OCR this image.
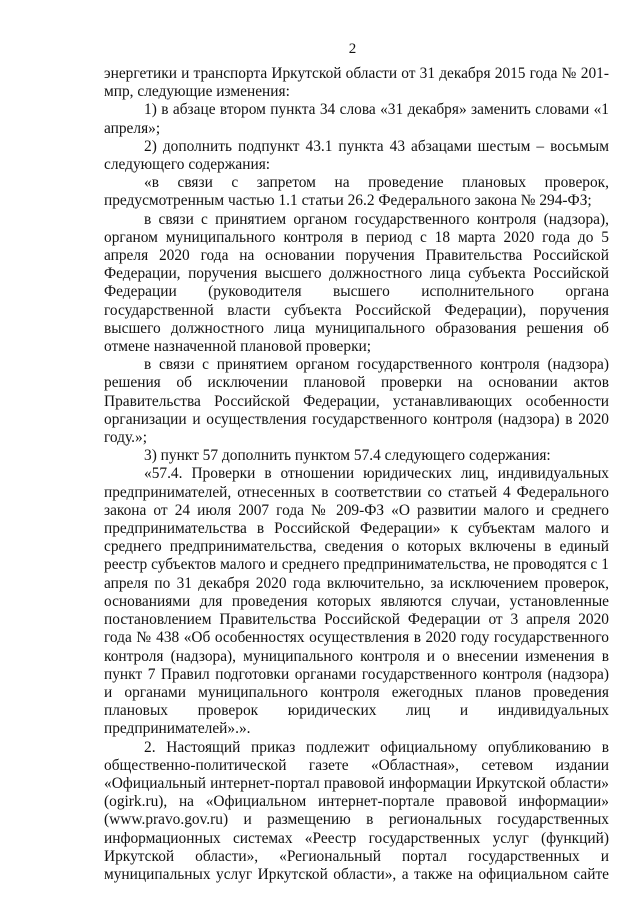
2

энергетики и транспорта Иркутской области от 31 декабря 2015 года № 201-мпр, следующие изменения:

1) в абзаце втором пункта 34 слова «31 декабря» заменить словами «1 апреля»;

2) дополнить подпункт 43.1 пункта 43 абзацами шестым – восьмым следующего содержания:

«в связи с запретом на проведение плановых проверок, предусмотренным частью 1.1 статьи 26.2 Федерального закона № 294-ФЗ;

в связи с принятием органом государственного контроля (надзора), органом муниципального контроля в период с 18 марта 2020 года до 5 апреля 2020 года на основании поручения Правительства Российской Федерации, поручения высшего должностного лица субъекта Российской Федерации (руководителя высшего исполнительного органа государственной власти субъекта Российской Федерации), поручения высшего должностного лица муниципального образования решения об отмене назначенной плановой проверки;

в связи с принятием органом государственного контроля (надзора) решения об исключении плановой проверки на основании актов Правительства Российской Федерации, устанавливающих особенности организации и осуществления государственного контроля (надзора) в 2020 году.»;

3) пункт 57 дополнить пунктом 57.4 следующего содержания:

«57.4. Проверки в отношении юридических лиц, индивидуальных предпринимателей, отнесенных в соответствии со статьей 4 Федерального закона от 24 июля 2007 года № 209-ФЗ «О развитии малого и среднего предпринимательства в Российской Федерации» к субъектам малого и среднего предпринимательства, сведения о которых включены в единый реестр субъектов малого и среднего предпринимательства, не проводятся с 1 апреля по 31 декабря 2020 года включительно, за исключением проверок, основаниями для проведения которых являются случаи, установленные постановлением Правительства Российской Федерации от 3 апреля 2020 года № 438 «Об особенностях осуществления в 2020 году государственного контроля (надзора), муниципального контроля и о внесении изменения в пункт 7 Правил подготовки органами государственного контроля (надзора) и органами муниципального контроля ежегодных планов проведения плановых проверок юридических лиц и индивидуальных предпринимателей».».

2. Настоящий приказ подлежит официальному опубликованию в общественно-политической газете «Областная», сетевом издании «Официальный интернет-портал правовой информации Иркутской области» (ogirk.ru), на «Официальном интернет-портале правовой информации» (www.pravo.gov.ru) и размещению в региональных государственных информационных системах «Реестр государственных услуг (функций) Иркутской области», «Региональный портал государственных и муниципальных услуг Иркутской области», а также на официальном сайте
